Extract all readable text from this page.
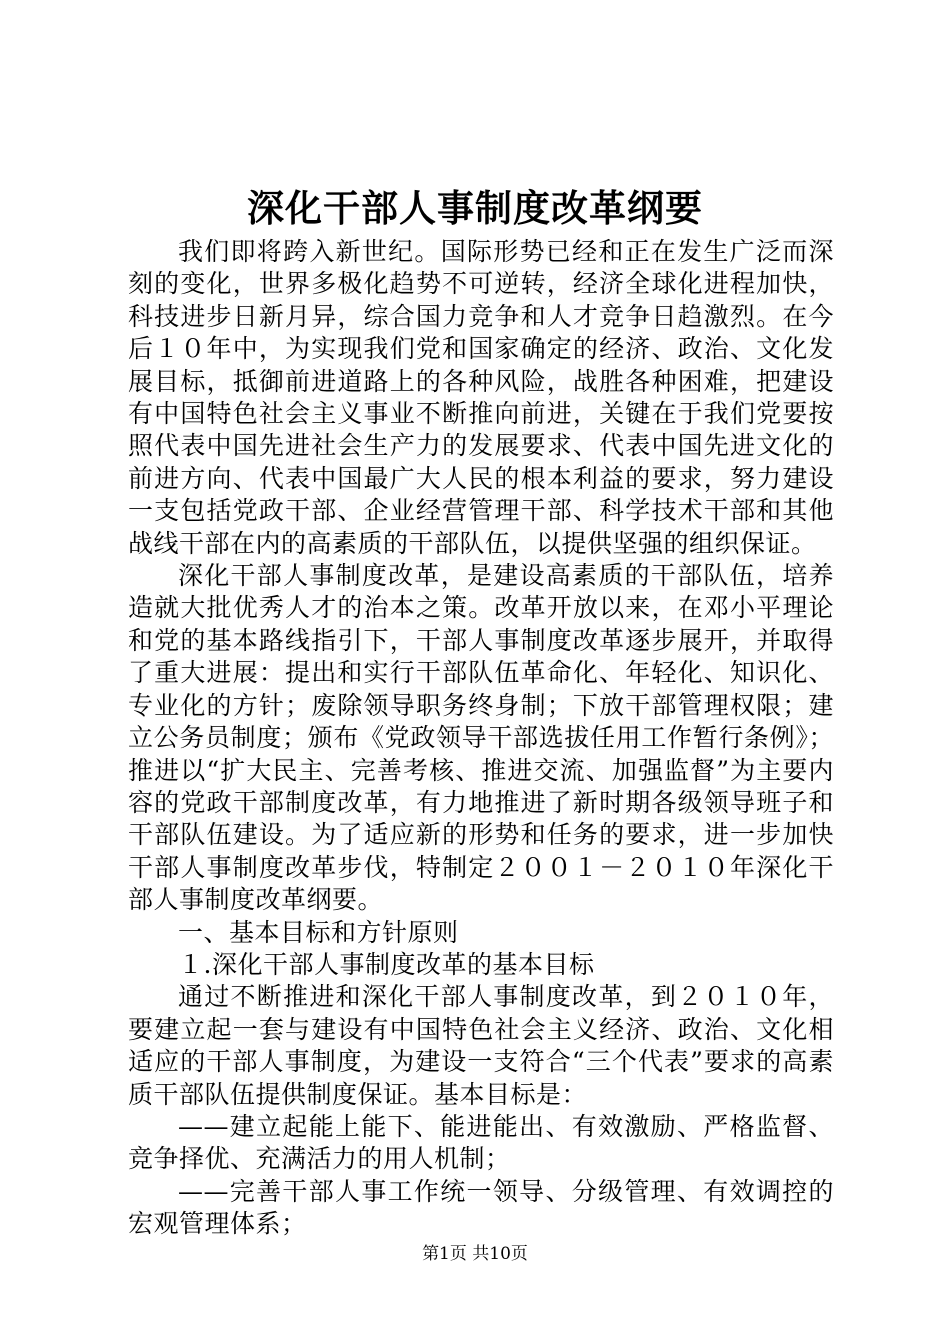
深化干部人事制度改革纲要

我们即将跨入新世纪。国际形势已经和正在发生广泛而深刻的变化，世界多极化趋势不可逆转，经济全球化进程加快，科技进步日新月异，综合国力竞争和人才竞争日趋激烈。在今后１０年中，为实现我们党和国家确定的经济、政治、文化发展目标，抵御前进道路上的各种风险，战胜各种困难，把建设有中国特色社会主义事业不断推向前进，关键在于我们党要按照代表中国先进社会生产力的发展要求、代表中国先进文化的前进方向、代表中国最广大人民的根本利益的要求，努力建设一支包括党政干部、企业经营管理干部、科学技术干部和其他战线干部在内的高素质的干部队伍，以提供坚强的组织保证。

深化干部人事制度改革，是建设高素质的干部队伍，培养造就大批优秀人才的治本之策。改革开放以来，在邓小平理论和党的基本路线指引下，干部人事制度改革逐步展开，并取得了重大进展：提出和实行干部队伍革命化、年轻化、知识化、专业化的方针；废除领导职务终身制；下放干部管理权限；建立公务员制度；颁布《党政领导干部选拔任用工作暂行条例》；推进以“扩大民主、完善考核、推进交流、加强监督”为主要内容的党政干部制度改革，有力地推进了新时期各级领导班子和干部队伍建设。为了适应新的形势和任务的要求，进一步加快干部人事制度改革步伐，特制定２００１－２０１０年深化干部人事制度改革纲要。

一、基本目标和方针原则

１.深化干部人事制度改革的基本目标

通过不断推进和深化干部人事制度改革，到２０１０年，要建立起一套与建设有中国特色社会主义经济、政治、文化相适应的干部人事制度，为建设一支符合“三个代表”要求的高素质干部队伍提供制度保证。基本目标是：

——建立起能上能下、能进能出、有效激励、严格监督、竞争择优、充满活力的用人机制；

——完善干部人事工作统一领导、分级管理、有效调控的宏观管理体系；

第1页 共10页
